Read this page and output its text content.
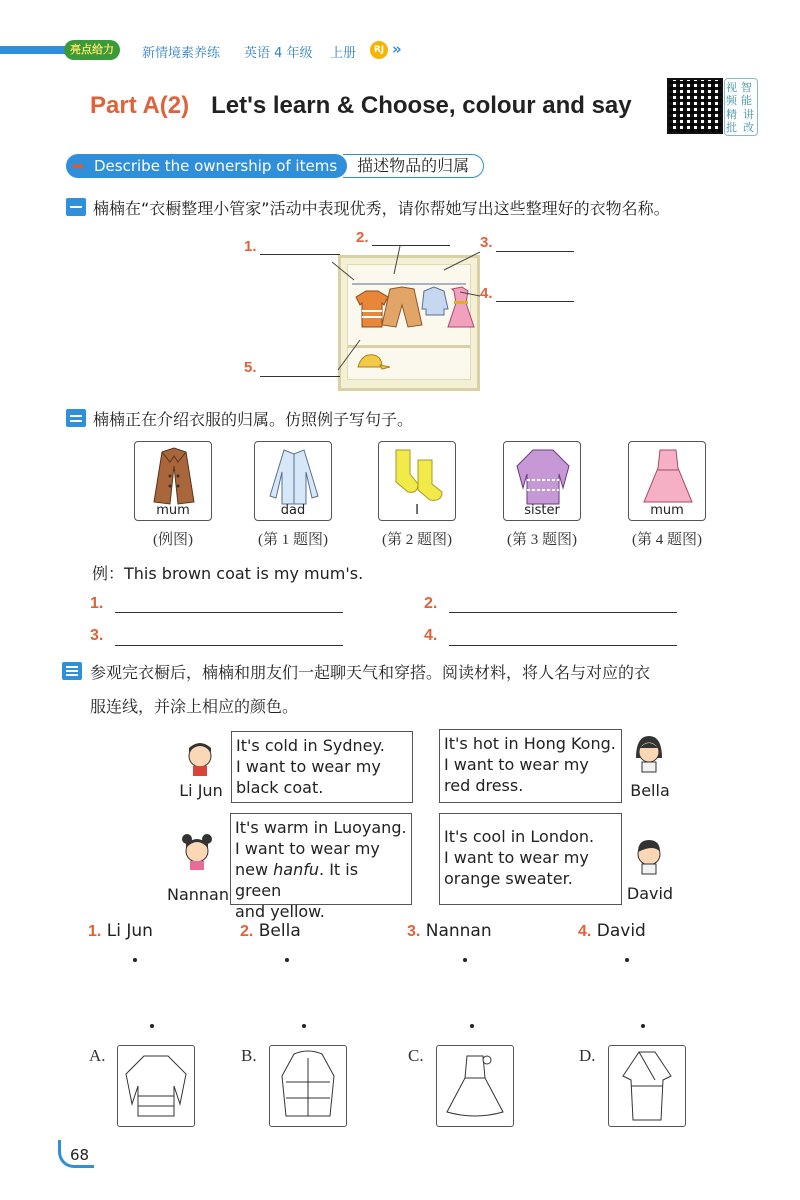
亮点给力	新情境素养练 英语 4 年级 上册	RJ »
Part A(2) Let's learn & Choose, colour and say
视频
智能
精批
讲改
➥ Describe the ownership of items	描述物品的归属
楠楠在“衣橱整理小管家”活动中表现优秀，请你帮她写出这些整理好的衣物名称。
1.
2.	3.
4.
5.
楠楠正在介绍衣服的归属。仿照例子写句子。
mum	dad	I	sister	mum
(例图)	(第 1 题图)	(第 2 题图)	(第 3 题图)	(第 4 题图)
例：This brown coat is my mum's.
1.	2.
3.	4.
参观完衣橱后，楠楠和朋友们一起聊天气和穿搭。阅读材料，将人名与对应的衣
服连线，并涂上相应的颜色。
Li Jun
It's cold in Sydney.
I want to wear my
black coat.
It's hot in Hong Kong.
I want to wear my
red dress.	Bella
Nannan
It's warm in Luoyang.
I want to wear my
new hanfu. It is green
and yellow.
It's cool in London.
I want to wear my
orange sweater.
David
1. Li Jun	2. Bella	3. Nannan	4. David
A.	B.	C.	D.
68
